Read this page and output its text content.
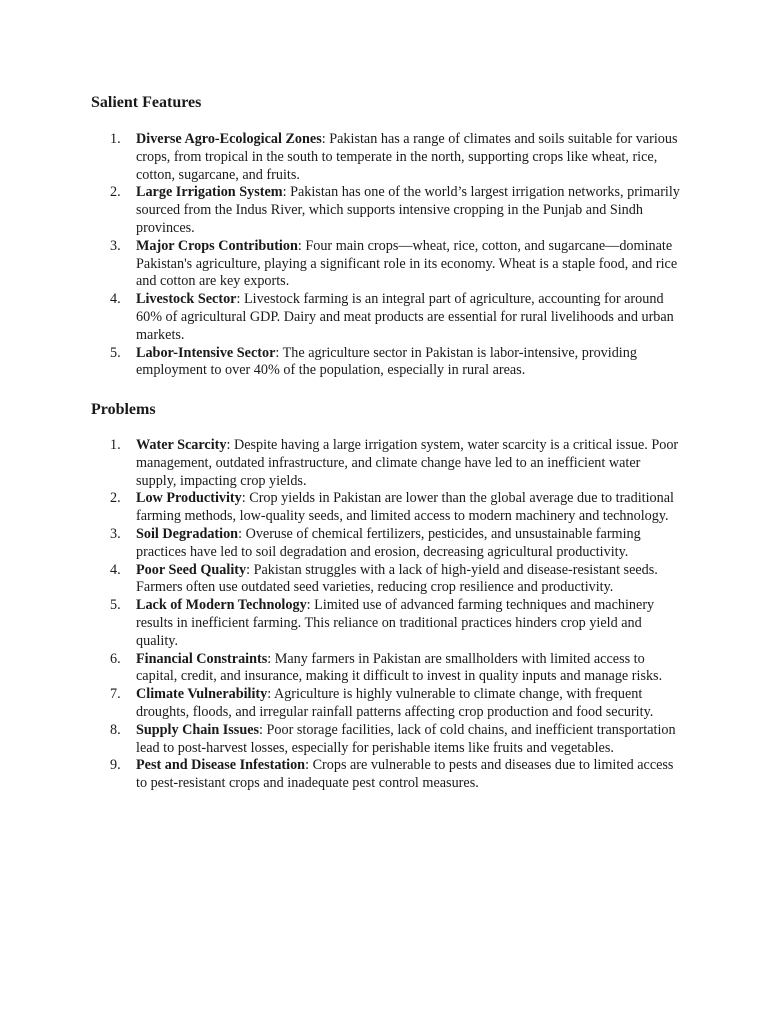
Salient Features
1. Diverse Agro-Ecological Zones: Pakistan has a range of climates and soils suitable for various crops, from tropical in the south to temperate in the north, supporting crops like wheat, rice, cotton, sugarcane, and fruits.
2. Large Irrigation System: Pakistan has one of the world’s largest irrigation networks, primarily sourced from the Indus River, which supports intensive cropping in the Punjab and Sindh provinces.
3. Major Crops Contribution: Four main crops—wheat, rice, cotton, and sugarcane—dominate Pakistan's agriculture, playing a significant role in its economy. Wheat is a staple food, and rice and cotton are key exports.
4. Livestock Sector: Livestock farming is an integral part of agriculture, accounting for around 60% of agricultural GDP. Dairy and meat products are essential for rural livelihoods and urban markets.
5. Labor-Intensive Sector: The agriculture sector in Pakistan is labor-intensive, providing employment to over 40% of the population, especially in rural areas.
Problems
1. Water Scarcity: Despite having a large irrigation system, water scarcity is a critical issue. Poor management, outdated infrastructure, and climate change have led to an inefficient water supply, impacting crop yields.
2. Low Productivity: Crop yields in Pakistan are lower than the global average due to traditional farming methods, low-quality seeds, and limited access to modern machinery and technology.
3. Soil Degradation: Overuse of chemical fertilizers, pesticides, and unsustainable farming practices have led to soil degradation and erosion, decreasing agricultural productivity.
4. Poor Seed Quality: Pakistan struggles with a lack of high-yield and disease-resistant seeds. Farmers often use outdated seed varieties, reducing crop resilience and productivity.
5. Lack of Modern Technology: Limited use of advanced farming techniques and machinery results in inefficient farming. This reliance on traditional practices hinders crop yield and quality.
6. Financial Constraints: Many farmers in Pakistan are smallholders with limited access to capital, credit, and insurance, making it difficult to invest in quality inputs and manage risks.
7. Climate Vulnerability: Agriculture is highly vulnerable to climate change, with frequent droughts, floods, and irregular rainfall patterns affecting crop production and food security.
8. Supply Chain Issues: Poor storage facilities, lack of cold chains, and inefficient transportation lead to post-harvest losses, especially for perishable items like fruits and vegetables.
9. Pest and Disease Infestation: Crops are vulnerable to pests and diseases due to limited access to pest-resistant crops and inadequate pest control measures.
